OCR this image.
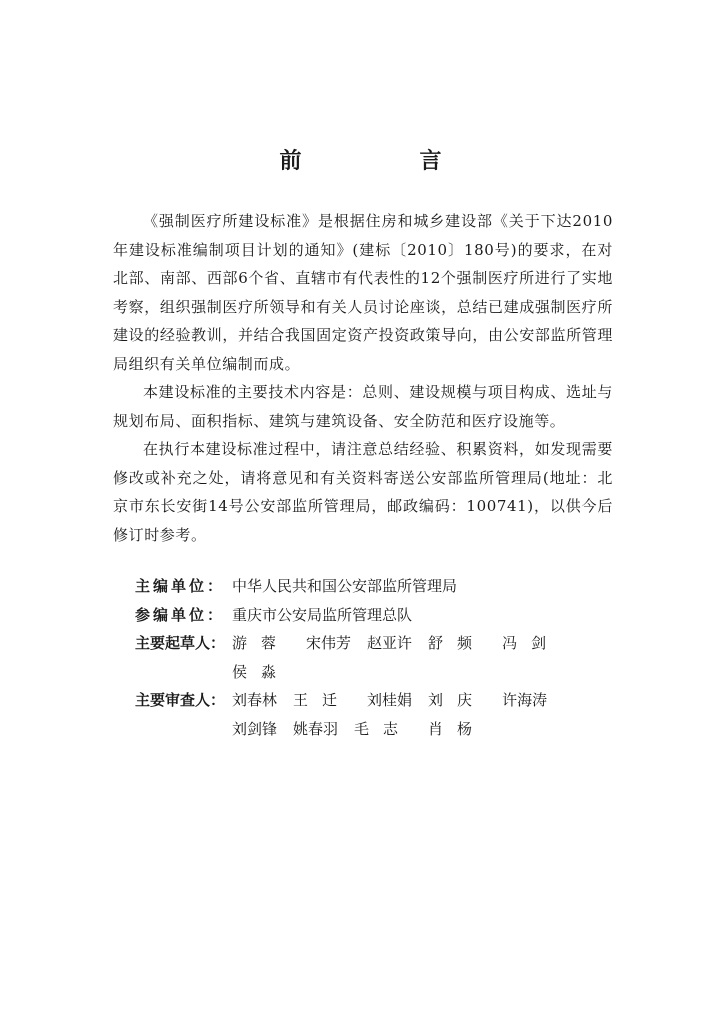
前　言

《强制医疗所建设标准》是根据住房和城乡建设部《关于下达2010年建设标准编制项目计划的通知》(建标〔2010〕180号)的要求，在对北部、南部、西部6个省、直辖市有代表性的12个强制医疗所进行了实地考察，组织强制医疗所领导和有关人员讨论座谈，总结已建成强制医疗所建设的经验教训，并结合我国固定资产投资政策导向，由公安部监所管理局组织有关单位编制而成。

本建设标准的主要技术内容是：总则、建设规模与项目构成、选址与规划布局、面积指标、建筑与建筑设备、安全防范和医疗设施等。

在执行本建设标准过程中，请注意总结经验、积累资料，如发现需要修改或补充之处，请将意见和有关资料寄送公安部监所管理局(地址：北京市东长安街14号公安部监所管理局，邮政编码：100741)，以供今后修订时参考。

主编单位： 中华人民共和国公安部监所管理局
参编单位： 重庆市公安局监所管理总队
主要起草人： 游蓉 宋伟芳 赵亚许 舒频 冯剑
侯淼
主要审查人： 刘春林 王迁 刘桂娟 刘庆 许海涛
刘剑锋 姚春羽 毛志 肖杨
